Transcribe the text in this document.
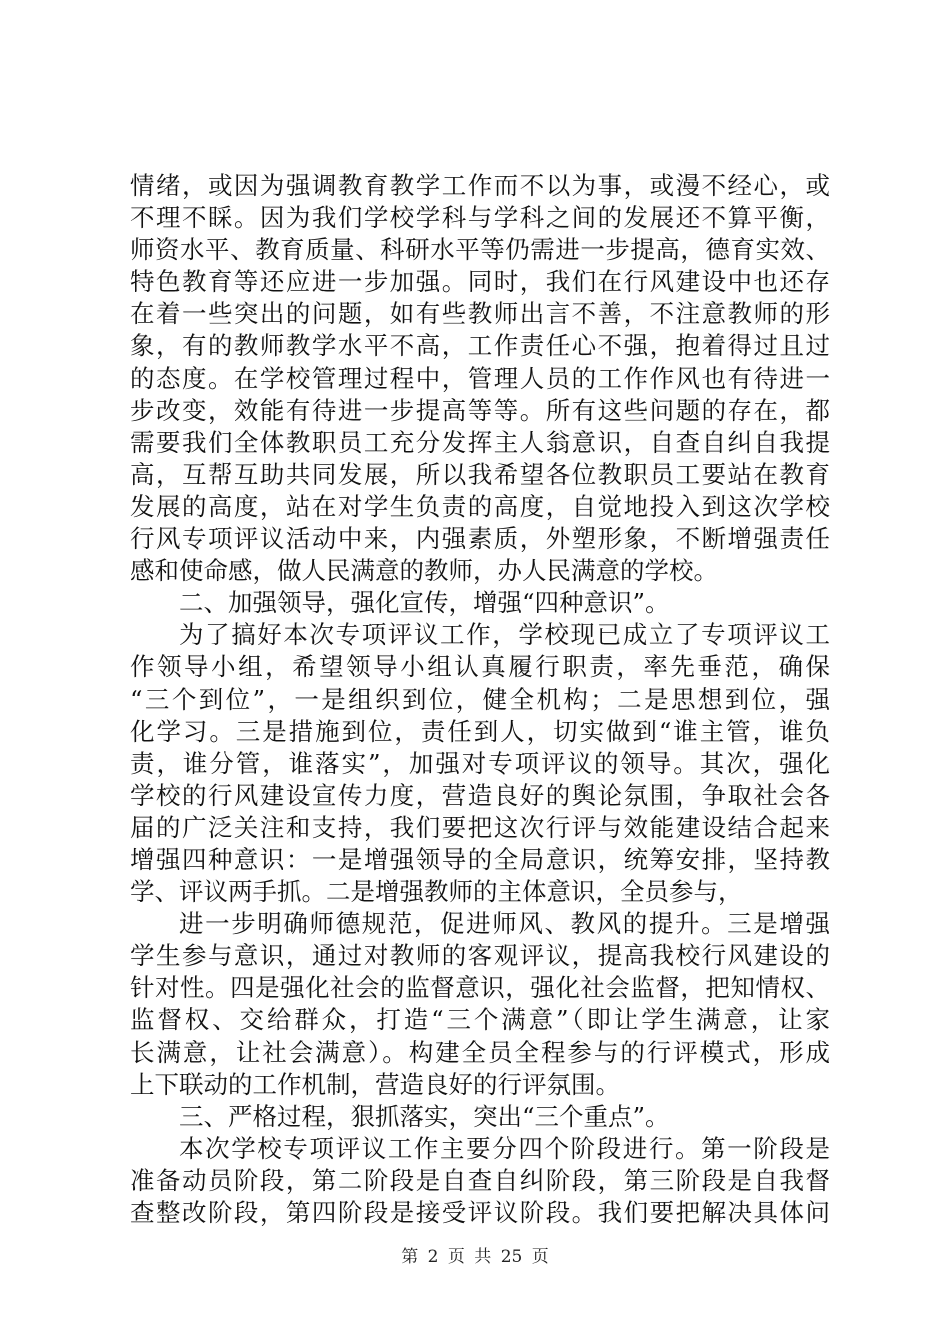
情绪，或因为强调教育教学工作而不以为事，或漫不经心，或
不理不睬。因为我们学校学科与学科之间的发展还不算平衡，
师资水平、教育质量、科研水平等仍需进一步提高，德育实效、
特色教育等还应进一步加强。同时，我们在行风建设中也还存
在着一些突出的问题，如有些教师出言不善，不注意教师的形
象，有的教师教学水平不高，工作责任心不强，抱着得过且过
的态度。在学校管理过程中，管理人员的工作作风也有待进一
步改变，效能有待进一步提高等等。所有这些问题的存在，都
需要我们全体教职员工充分发挥主人翁意识，自查自纠自我提
高，互帮互助共同发展，所以我希望各位教职员工要站在教育
发展的高度，站在对学生负责的高度，自觉地投入到这次学校
行风专项评议活动中来，内强素质，外塑形象，不断增强责任
感和使命感，做人民满意的教师，办人民满意的学校。
二、加强领导，强化宣传，增强“四种意识”。
为了搞好本次专项评议工作，学校现已成立了专项评议工
作领导小组，希望领导小组认真履行职责，率先垂范，确保
“三个到位”，一是组织到位，健全机构；二是思想到位，强
化学习。三是措施到位，责任到人，切实做到“谁主管，谁负
责，谁分管，谁落实”，加强对专项评议的领导。其次，强化
学校的行风建设宣传力度，营造良好的舆论氛围，争取社会各
届的广泛关注和支持，我们要把这次行评与效能建设结合起来
增强四种意识：一是增强领导的全局意识，统筹安排，坚持教
学、评议两手抓。二是增强教师的主体意识，全员参与，
进一步明确师德规范，促进师风、教风的提升。三是增强
学生参与意识，通过对教师的客观评议，提高我校行风建设的
针对性。四是强化社会的监督意识，强化社会监督，把知情权、
监督权、交给群众，打造“三个满意”（即让学生满意，让家
长满意，让社会满意）。构建全员全程参与的行评模式，形成
上下联动的工作机制，营造良好的行评氛围。
三、严格过程，狠抓落实，突出“三个重点”。
本次学校专项评议工作主要分四个阶段进行。第一阶段是
准备动员阶段，第二阶段是自查自纠阶段，第三阶段是自我督
查整改阶段，第四阶段是接受评议阶段。我们要把解决具体问
第 2 页 共 25 页
